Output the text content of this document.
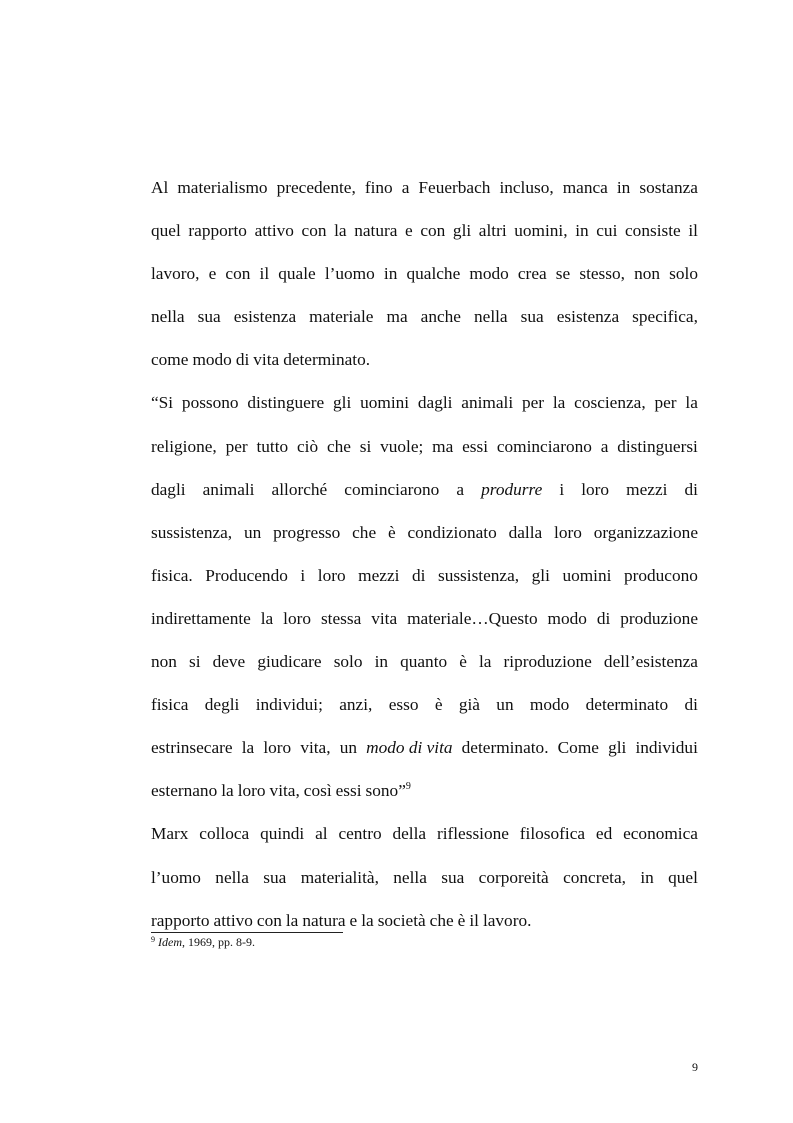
Al materialismo precedente, fino a Feuerbach incluso, manca in sostanza
quel rapporto attivo con la natura e con gli altri uomini, in cui consiste il
lavoro, e con il quale l’uomo in qualche modo crea se stesso, non solo
nella sua esistenza materiale ma anche nella sua esistenza specifica,
come modo di vita determinato.
“Si possono distinguere gli uomini dagli animali per la coscienza, per la
religione, per tutto ciò che si vuole; ma essi cominciarono a distinguersi
dagli animali allorché cominciarono a produrre i loro mezzi di
sussistenza, un progresso che è condizionato dalla loro organizzazione
fisica. Producendo i loro mezzi di sussistenza, gli uomini producono
indirettamente la loro stessa vita materiale…Questo modo di produzione
non si deve giudicare solo in quanto è la riproduzione dell’esistenza
fisica degli individui; anzi, esso è già un modo determinato di
estrinsecare la loro vita, un modo di vita determinato. Come gli individui
esternano la loro vita, così essi sono”$^9$
Marx colloca quindi al centro della riflessione filosofica ed economica
l’uomo nella sua materialità, nella sua corporeità concreta, in quel
rapporto attivo con la natura e la società che è il lavoro.
$^9$ Idem, 1969, pp. 8-9.
9
